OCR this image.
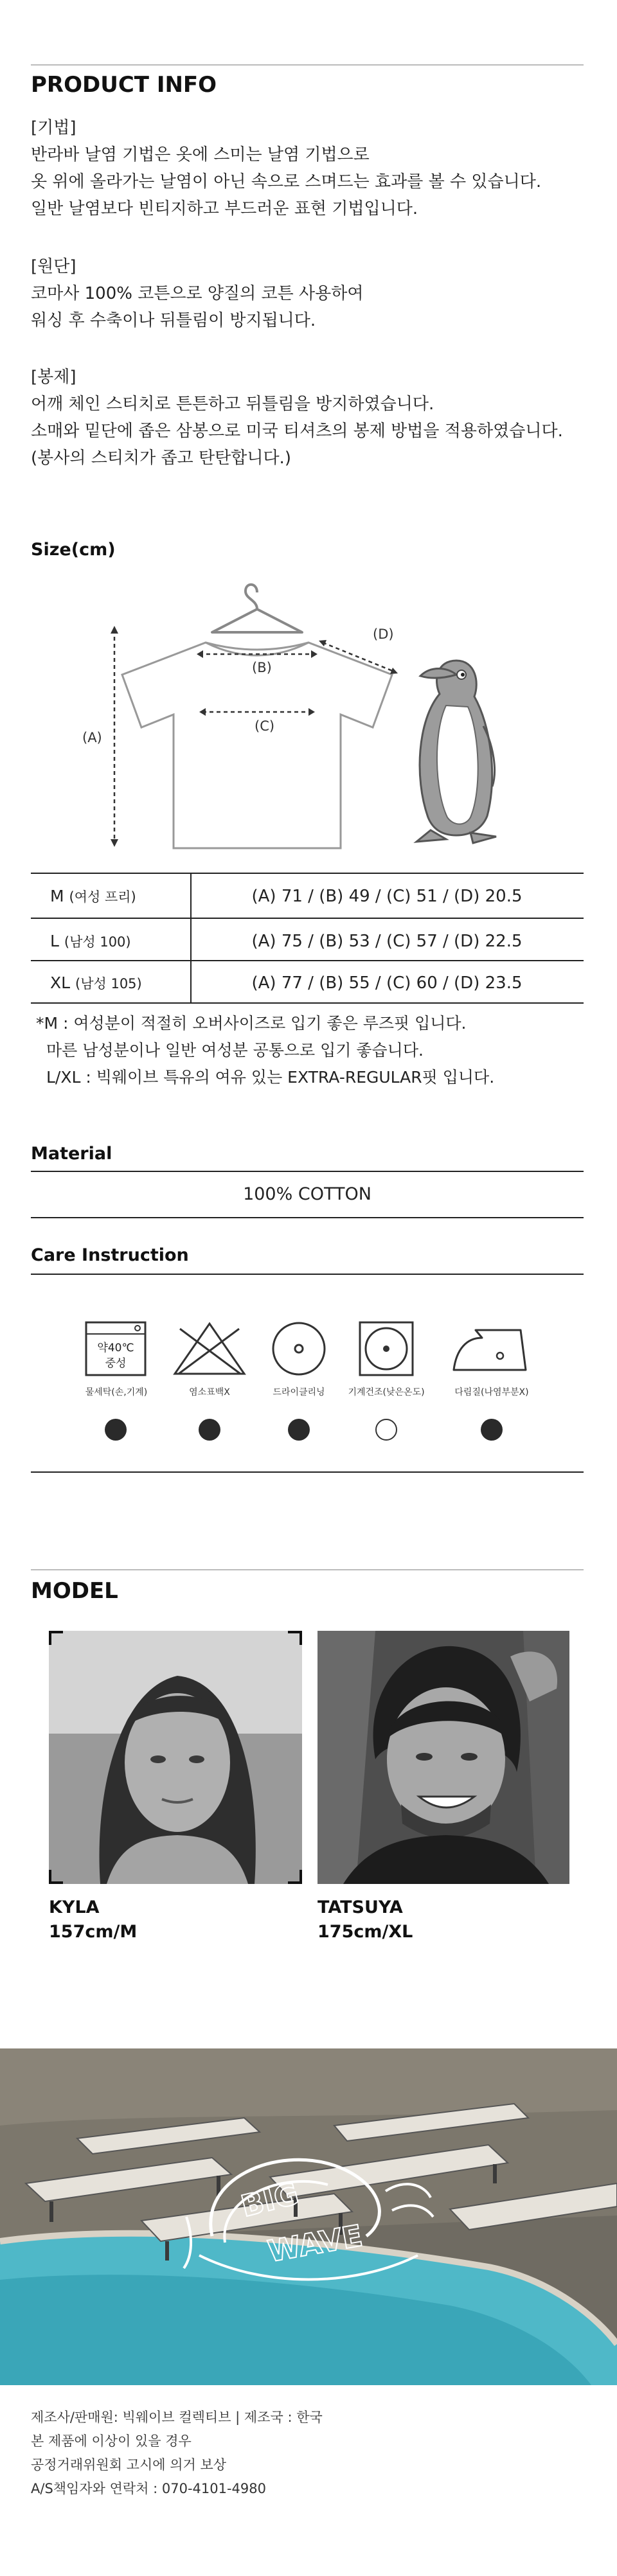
PRODUCT INFO
[기법]
반라바 날염 기법은 옷에 스미는 날염 기법으로
옷 위에 올라가는 날염이 아닌 속으로 스며드는 효과를 볼 수 있습니다.
일반 날염보다 빈티지하고 부드러운 표현 기법입니다.
[원단]
코마사 100% 코튼으로 양질의 코튼 사용하여
워싱 후 수축이나 뒤틀림이 방지됩니다.
[봉제]
어깨 체인 스티치로 튼튼하고 뒤틀림을 방지하였습니다.
소매와 밑단에 좁은 삼봉으로 미국 티셔츠의 봉제 방법을 적용하였습니다.
(봉사의 스티치가 좁고 탄탄합니다.)
Size(cm)
(B)
(C)
(A)
(D)
M (여성 프리)	(A) 71 / (B) 49 / (C) 51 / (D) 20.5
L (남성 100)	(A) 75 / (B) 53 / (C) 57 / (D) 22.5
XL (남성 105)	(A) 77 / (B) 55 / (C) 60 / (D) 23.5
*M : 여성분이 적절히 오버사이즈로 입기 좋은 루즈핏 입니다.
마른 남성분이나 일반 여성분 공통으로 입기 좋습니다.
L/XL : 빅웨이브 특유의 여유 있는 EXTRA-REGULAR핏 입니다.
Material
100% COTTON
Care Instruction
약40℃
중성
물세탁(손,기계)	염소표백X	드라이클리닝	기계건조(낮은온도)	다림질(나염부분X)
MODEL
KYLA
157cm/M
TATSUYA
175cm/XL
BIG
WAVE
제조사/판매원: 빅웨이브 컬렉티브 | 제조국 : 한국
본 제품에 이상이 있을 경우
공정거래위원회 고시에 의거 보상
A/S책임자와 연락처 : 070-4101-4980
